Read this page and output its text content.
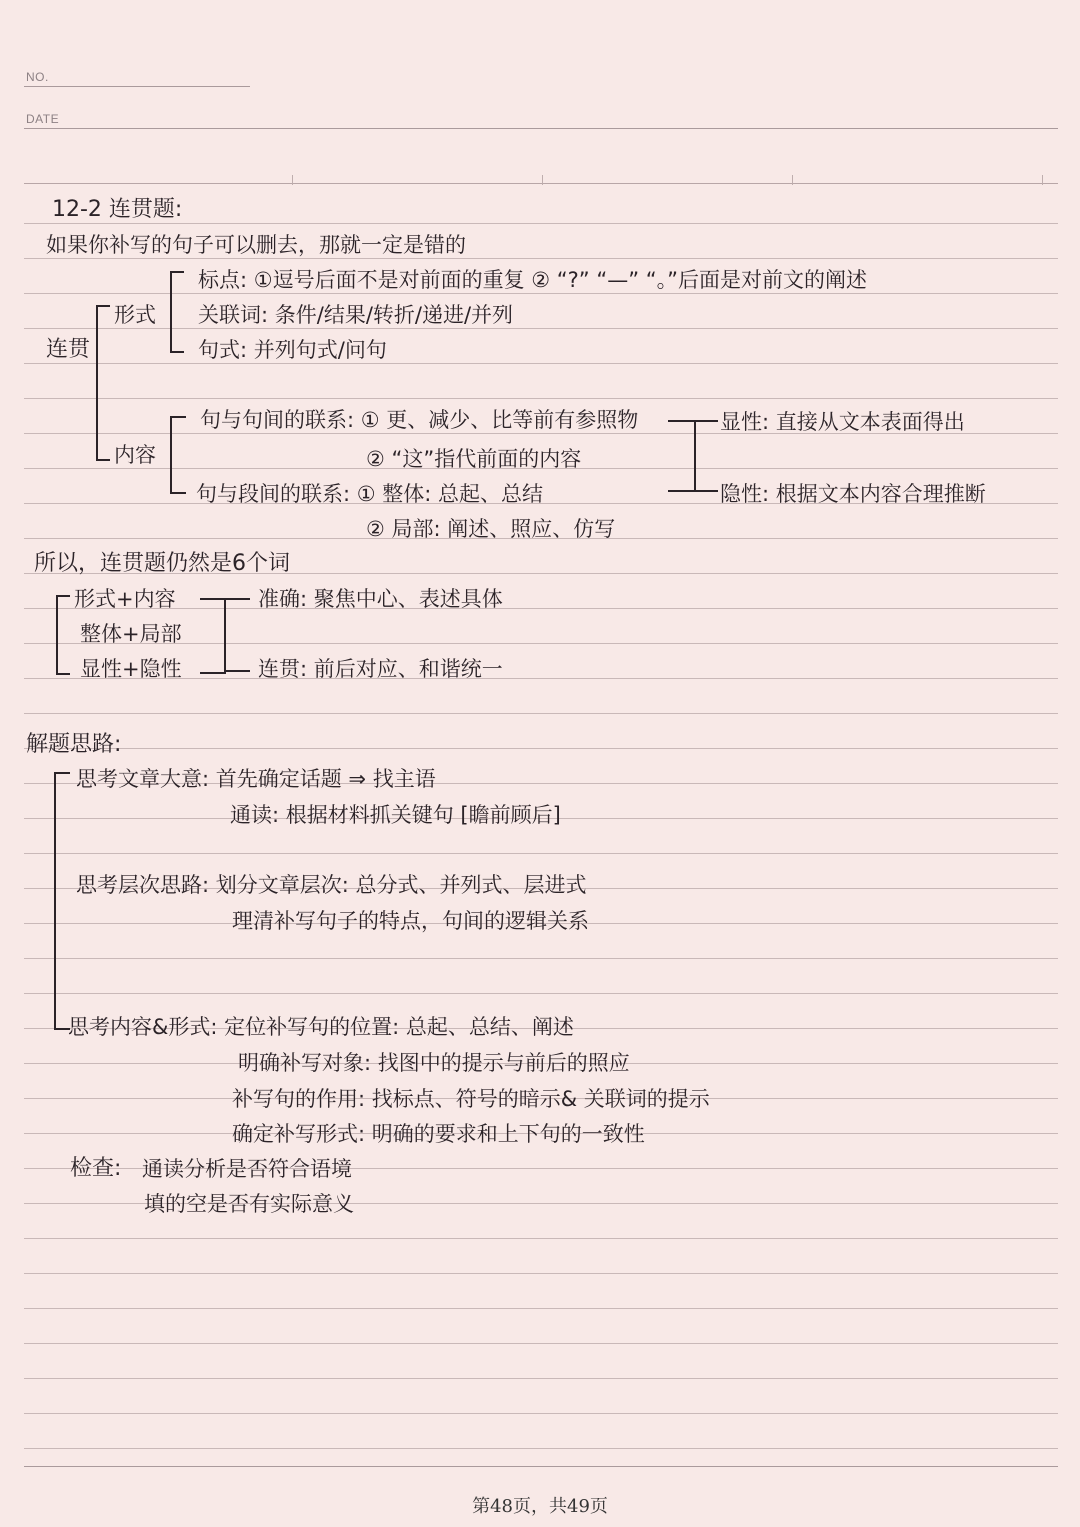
NO.
DATE
12-2 连贯题:
如果你补写的句子可以删去，那就一定是错的
连贯
形式
标点: ①逗号后面不是对前面的重复 ② “?” “—” “。”后面是对前文的阐述
关联词: 条件/结果/转折/递进/并列
句式: 并列句式/问句
内容
句与句间的联系: ① 更、减少、比等前有参照物
② “这”指代前面的内容
句与段间的联系: ① 整体: 总起、总结
② 局部: 阐述、照应、仿写
显性: 直接从文本表面得出
隐性: 根据文本内容合理推断
所以，连贯题仍然是6个词
形式+内容
整体+局部
显性+隐性
准确: 聚焦中心、表述具体
连贯: 前后对应、和谐统一
解题思路:
思考文章大意: 首先确定话题 ⇒ 找主语
通读: 根据材料抓关键句 [瞻前顾后]
思考层次思路: 划分文章层次: 总分式、并列式、层进式
理清补写句子的特点，句间的逻辑关系
思考内容&形式: 定位补写句的位置: 总起、总结、阐述
明确补写对象: 找图中的提示与前后的照应
补写句的作用: 找标点、符号的暗示& 关联词的提示
确定补写形式: 明确的要求和上下句的一致性
检查: 通读分析是否符合语境
填的空是否有实际意义
第48页，共49页
